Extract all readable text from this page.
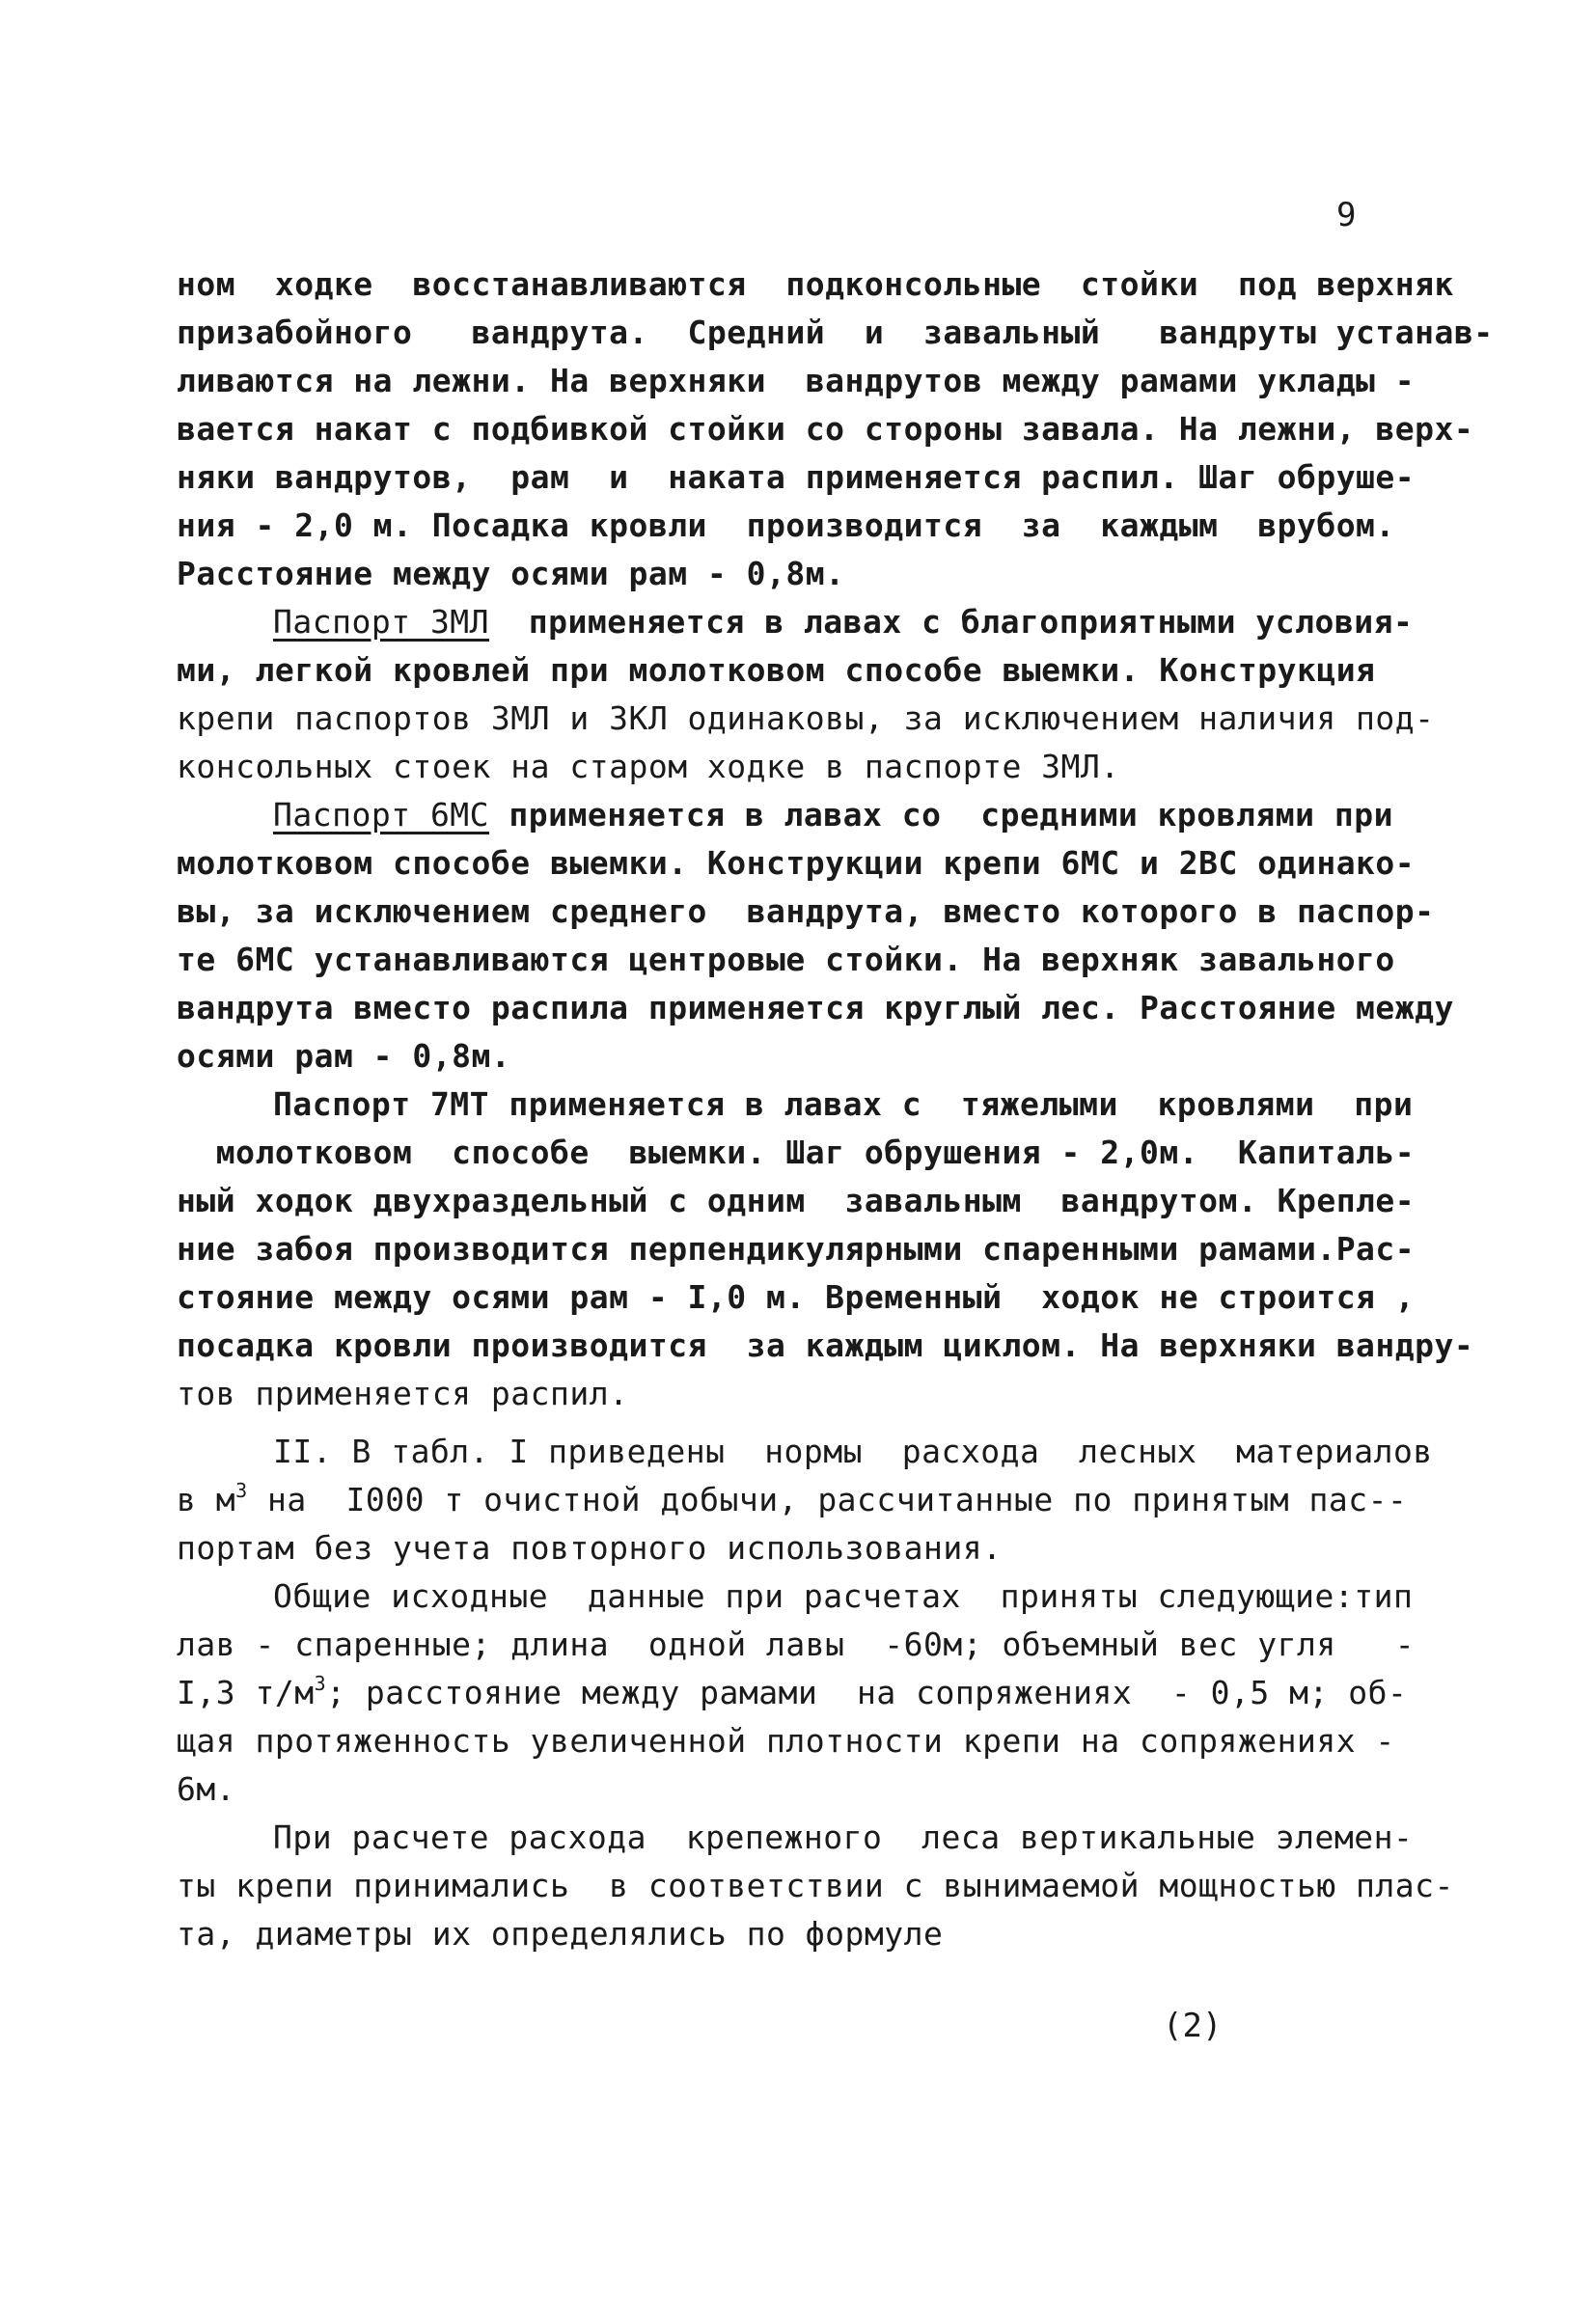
9
ном  ходке  восстанавливаются  подконсольные  стойки  под верхняк
призабойного   вандрута.  Средний  и  завальный   вандруты устанав-
ливаются на лежни. На верхняки  вандрутов между рамами уклады -
вается накат с подбивкой стойки со стороны завала. На лежни, верх-
няки вандрутов,  рам  и  наката применяется распил. Шаг обруше-
ния - 2,0 м. Посадка кровли  производится  за  каждым  врубом.
Расстояние между осями рам - 0,8м.
Паспорт 3МЛ  применяется в лавах с благоприятными условия-
ми, легкой кровлей при молотковом способе выемки. Конструкция
крепи паспортов 3МЛ и 3КЛ одинаковы, за исключением наличия под-
консольных стоек на старом ходке в паспорте 3МЛ.
Паспорт 6МС применяется в лавах со  средними кровлями при
молотковом способе выемки. Конструкции крепи 6МС и 2ВС одинако-
вы, за исключением среднего  вандрута, вместо которого в паспор-
те 6МС устанавливаются центровые стойки. На верхняк завального
вандрута вместо распила применяется круглый лес. Расстояние между
осями рам - 0,8м.
Паспорт 7МТ применяется в лавах с  тяжелыми  кровлями  при
молотковом  способе  выемки. Шаг обрушения - 2,0м.  Капиталь-
ный ходок двухраздельный с одним  завальным  вандрутом. Крепле-
ние забоя производится перпендикулярными спаренными рамами.Рас-
стояние между осями рам - I,0 м. Временный  ходок не строится ,
посадка кровли производится  за каждым циклом. На верхняки вандру-
тов применяется распил.
II. В табл. I приведены  нормы  расхода  лесных  материалов
в $м^3$ на  I000 т очистной добычи, рассчитанные по принятым пас--
портам без учета повторного использования.
Общие исходные  данные при расчетах  приняты следующие:тип
лав - спаренные; длина  одной лавы  -60м; объемный вес угля   -
I,3 $т/м^3$; расстояние между рамами  на сопряжениях  - 0,5 м; об-
щая протяженность увеличенной плотности крепи на сопряжениях -
6м.
При расчете расхода  крепежного  леса вертикальные элемен-
ты крепи принимались  в соответствии с вынимаемой мощностью плас-
та, диаметры их определялись по формуле
(2)
